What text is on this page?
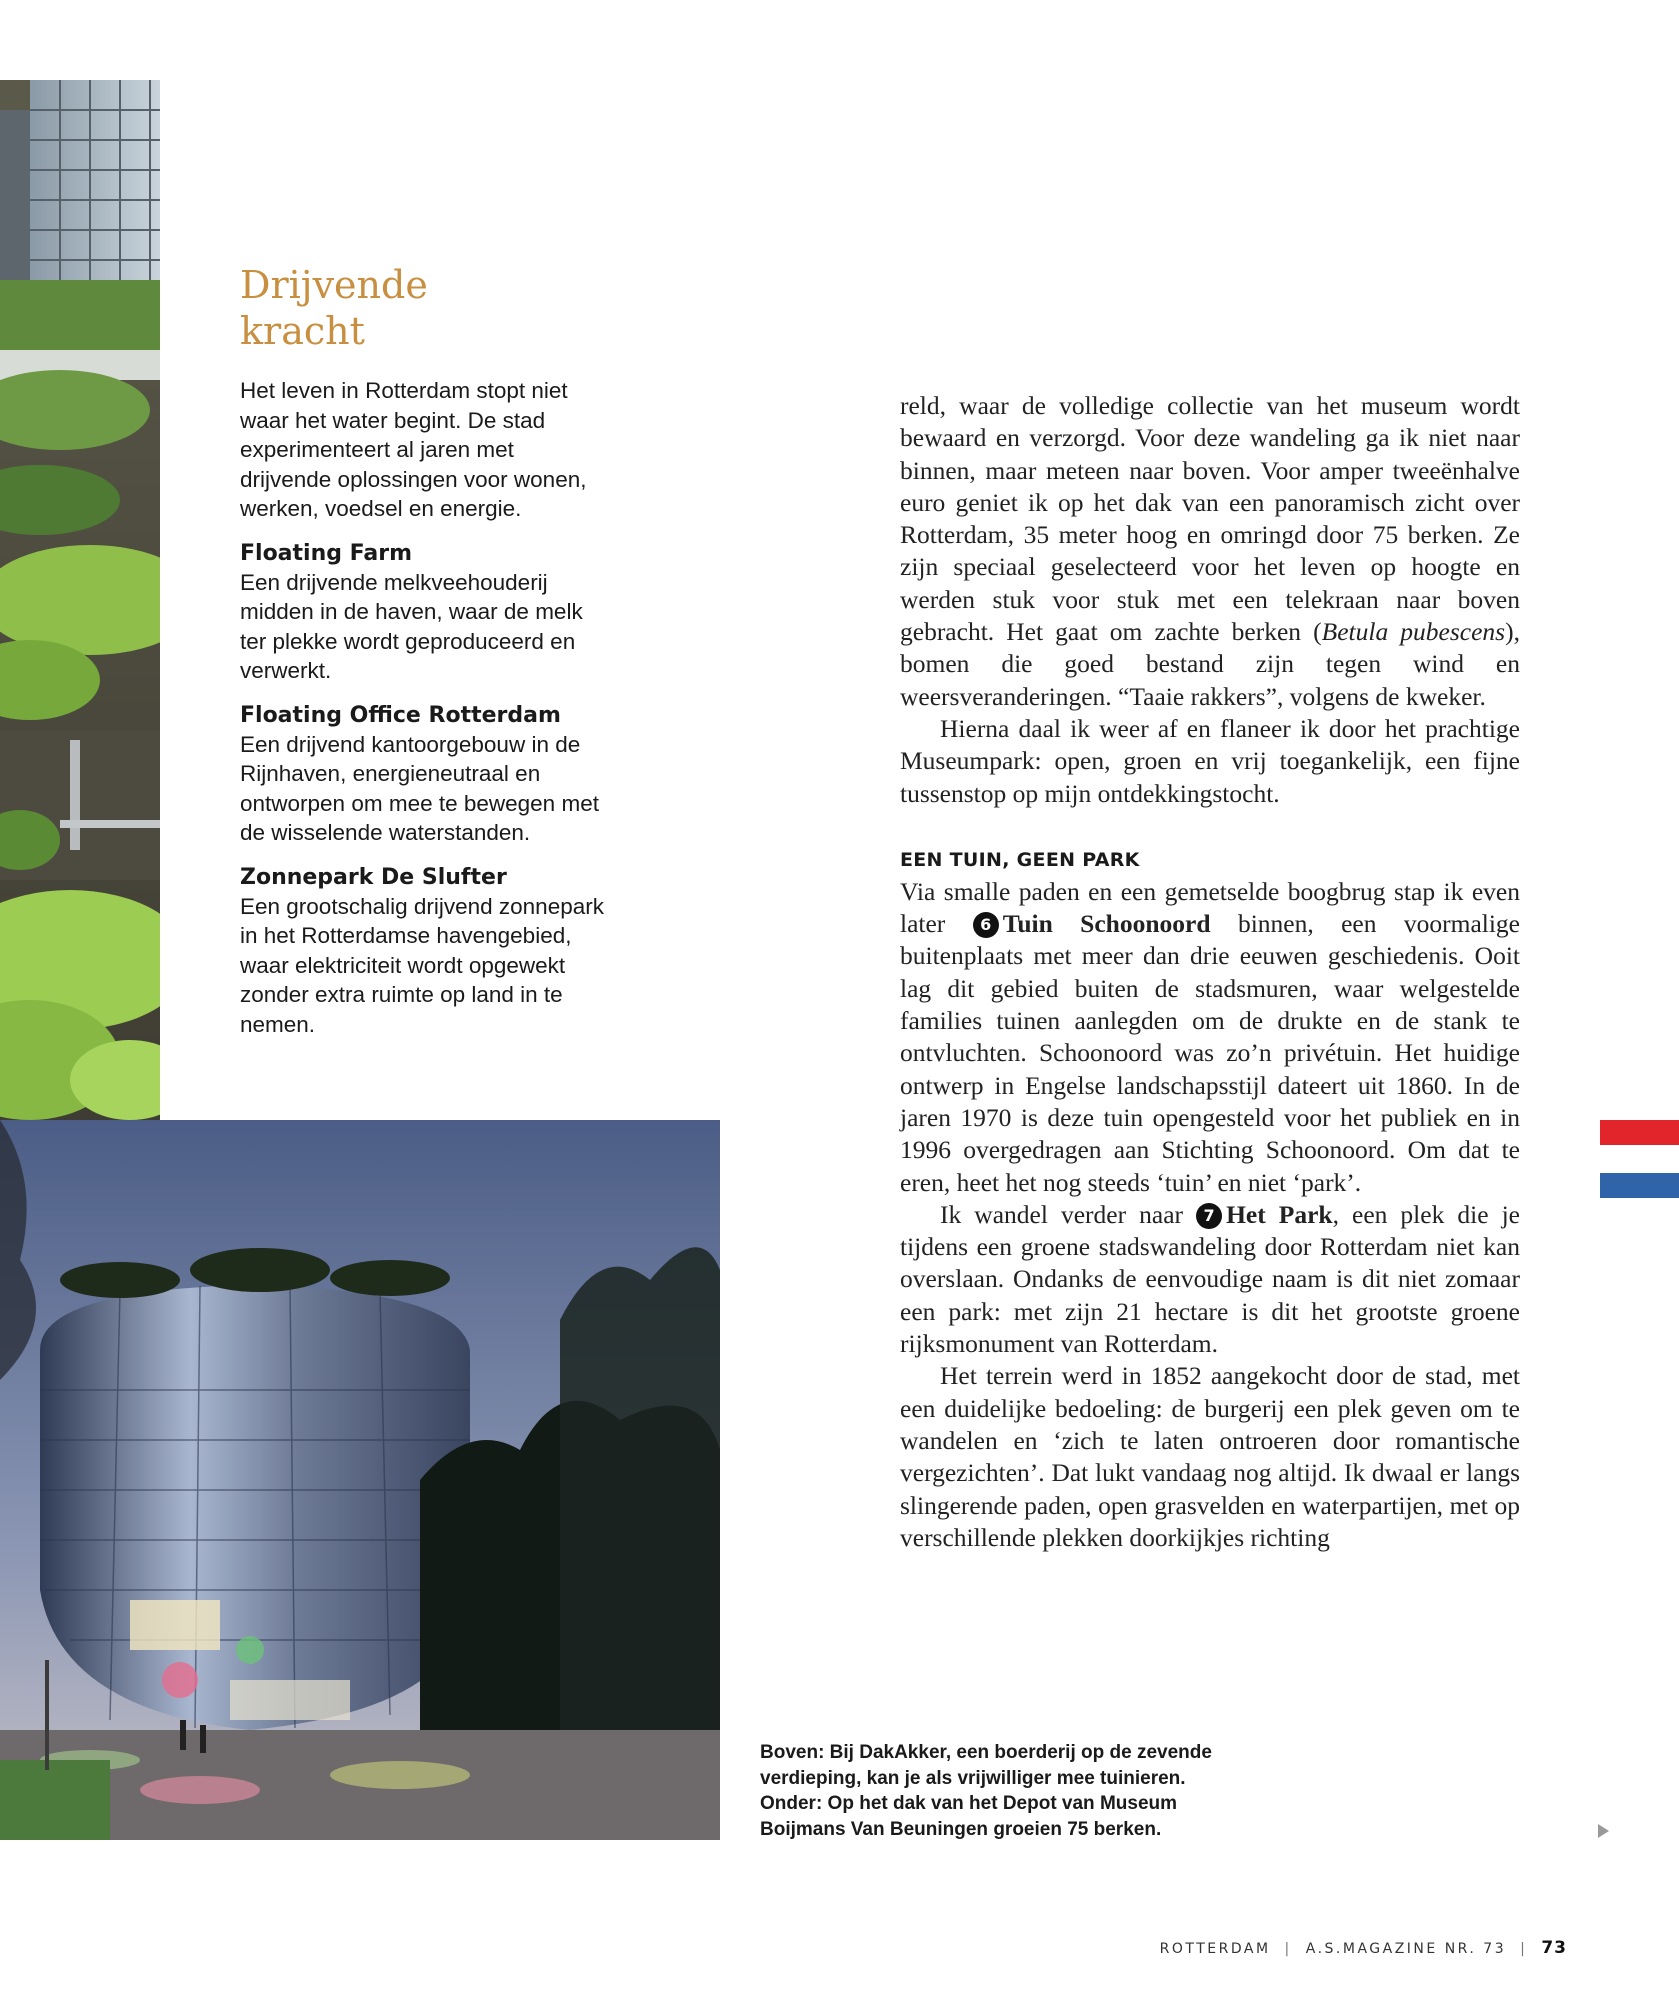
Drijvende
kracht

Het leven in Rotterdam stopt niet waar het water begint. De stad experimenteert al jaren met drijvende oplossingen voor wonen, werken, voedsel en energie.

Floating Farm

Een drijvende melkveehouderij midden in de haven, waar de melk ter plekke wordt geproduceerd en verwerkt.

Floating Office Rotterdam

Een drijvend kantoorgebouw in de Rijnhaven, energieneutraal en ontworpen om mee te bewegen met de wisselende waterstanden.

Zonnepark De Slufter

Een grootschalig drijvend zonnepark in het Rotterdamse havengebied, waar elektriciteit wordt opgewekt zonder extra ruimte op land in te nemen.

reld, waar de volledige collectie van het museum wordt bewaard en verzorgd. Voor deze wandeling ga ik niet naar binnen, maar meteen naar boven. Voor amper tweeënhalve euro geniet ik op het dak van een panoramisch zicht over Rotterdam, 35 meter hoog en omringd door 75 berken. Ze zijn speciaal geselecteerd voor het leven op hoogte en werden stuk voor stuk met een telekraan naar boven gebracht. Het gaat om zachte berken (Betula pubescens), bomen die goed bestand zijn tegen wind en weersveranderingen. “Taaie rakkers”, volgens de kweker.

Hierna daal ik weer af en flaneer ik door het prachtige Museumpark: open, groen en vrij toegankelijk, een fijne tussenstop op mijn ontdekkingstocht.

EEN TUIN, GEEN PARK

Via smalle paden en een gemetselde boogbrug stap ik even later 6 Tuin Schoonoord binnen, een voormalige buitenplaats met meer dan drie eeuwen geschiedenis. Ooit lag dit gebied buiten de stadsmuren, waar welgestelde families tuinen aanlegden om de drukte en de stank te ontvluchten. Schoonoord was zo’n privétuin. Het huidige ontwerp in Engelse landschapsstijl dateert uit 1860. In de jaren 1970 is deze tuin opengesteld voor het publiek en in 1996 overgedragen aan Stichting Schoonoord. Om dat te eren, heet het nog steeds ‘tuin’ en niet ‘park’.

Ik wandel verder naar 7 Het Park, een plek die je tijdens een groene stadswandeling door Rotterdam niet kan overslaan. Ondanks de eenvoudige naam is dit niet zomaar een park: met zijn 21 hectare is dit het grootste groene rijksmonument van Rotterdam.

Het terrein werd in 1852 aangekocht door de stad, met een duidelijke bedoeling: de burgerij een plek geven om te wandelen en ‘zich te laten ontroeren door romantische vergezichten’. Dat lukt vandaag nog altijd. Ik dwaal er langs slingerende paden, open grasvelden en waterpartijen, met op verschillende plekken doorkijkjes richting

Boven: Bij DakAkker, een boerderij op de zevende verdieping, kan je als vrijwilliger mee tuinieren.

Onder: Op het dak van het Depot van Museum Boijmans Van Beuningen groeien 75 berken.

ROTTERDAM | A.S.MAGAZINE NR. 73 | 73
